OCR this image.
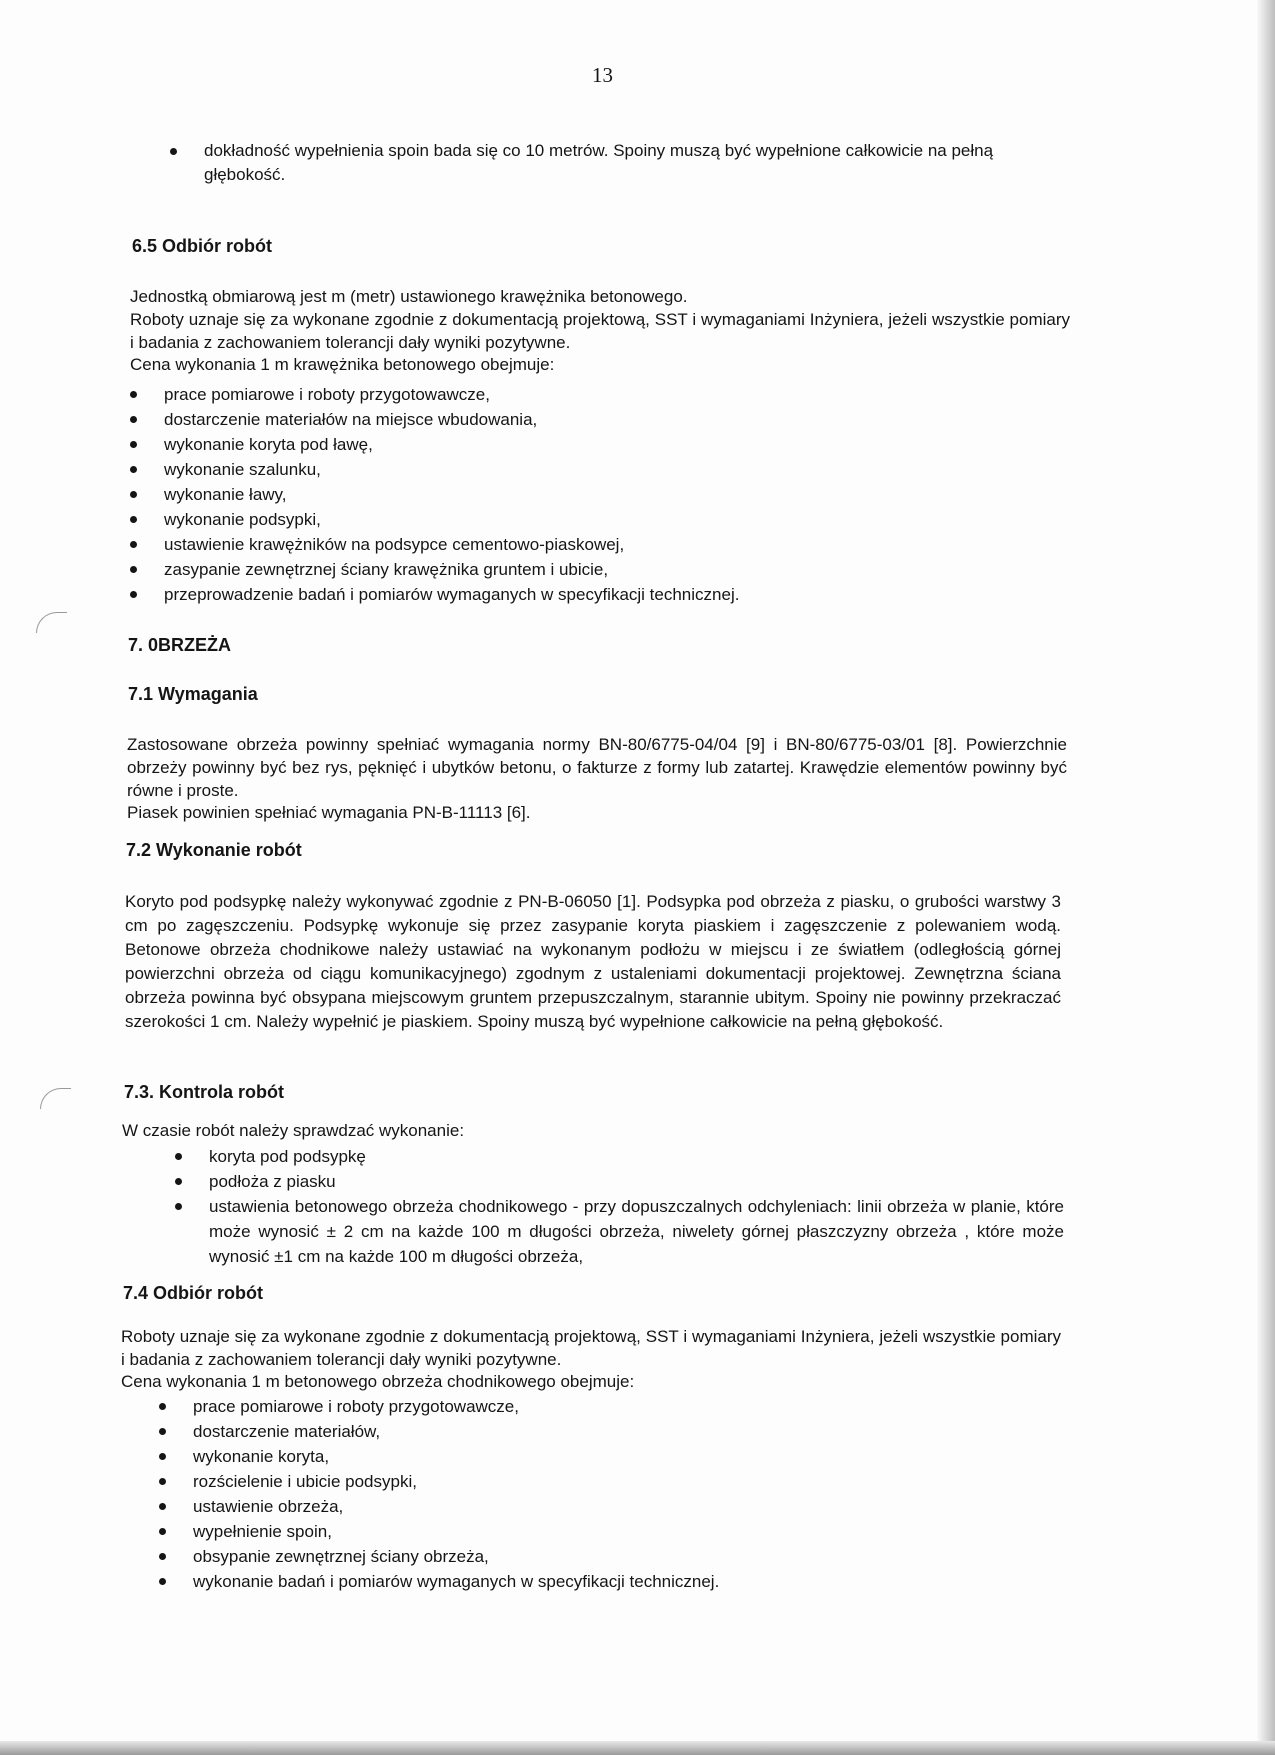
13
dokładność wypełnienia spoin bada się co 10 metrów. Spoiny muszą być wypełnione całkowicie na pełną głębokość.
6.5 Odbiór robót

Jednostką obmiarową jest m (metr) ustawionego krawężnika betonowego.

Roboty uznaje się za wykonane zgodnie z dokumentacją projektową, SST i wymaganiami Inżyniera, jeżeli wszystkie pomiary i badania z zachowaniem tolerancji dały wyniki pozytywne.

Cena wykonania 1 m krawężnika betonowego obejmuje:

prace pomiarowe i roboty przygotowawcze,
dostarczenie materiałów na miejsce wbudowania,
wykonanie koryta pod ławę,
wykonanie szalunku,
wykonanie ławy,
wykonanie podsypki,
ustawienie krawężników na podsypce cementowo-piaskowej,
zasypanie zewnętrznej ściany krawężnika gruntem i ubicie,
przeprowadzenie badań i pomiarów wymaganych w specyfikacji technicznej.
7. 0BRZEŻA
7.1 Wymagania

Zastosowane obrzeża powinny spełniać wymagania normy BN-80/6775-04/04 [9] i BN-80/6775-03/01 [8]. Powierzchnie obrzeży powinny być bez rys, pęknięć i ubytków betonu, o fakturze z formy lub zatartej. Krawędzie elementów powinny być równe i proste.

Piasek powinien spełniać wymagania PN-B-11113 [6].

7.2 Wykonanie robót

Koryto pod podsypkę należy wykonywać zgodnie z PN-B-06050 [1]. Podsypka pod obrzeża z piasku, o grubości warstwy 3 cm po zagęszczeniu. Podsypkę wykonuje się przez zasypanie koryta piaskiem i zagęszczenie z polewaniem wodą. Betonowe obrzeża chodnikowe należy ustawiać na wykonanym podłożu w miejscu i ze światłem (odległością górnej powierzchni obrzeża od ciągu komunikacyjnego) zgodnym z ustaleniami dokumentacji projektowej. Zewnętrzna ściana obrzeża powinna być obsypana miejscowym gruntem przepuszczalnym, starannie ubitym. Spoiny nie powinny przekraczać szerokości 1 cm. Należy wypełnić je piaskiem. Spoiny muszą być wypełnione całkowicie na pełną głębokość.

7.3. Kontrola robót

W czasie robót należy sprawdzać wykonanie:

koryta pod podsypkę
podłoża z piasku
ustawienia betonowego obrzeża chodnikowego - przy dopuszczalnych odchyleniach: linii obrzeża w planie, które może wynosić ± 2 cm na każde 100 m długości obrzeża, niwelety górnej płaszczyzny obrzeża , które może wynosić ±1 cm na każde 100 m długości obrzeża,
7.4 Odbiór robót

Roboty uznaje się za wykonane zgodnie z dokumentacją projektową, SST i wymaganiami Inżyniera, jeżeli wszystkie pomiary i badania z zachowaniem tolerancji dały wyniki pozytywne.

Cena wykonania 1 m betonowego obrzeża chodnikowego obejmuje:

prace pomiarowe i roboty przygotowawcze,
dostarczenie materiałów,
wykonanie koryta,
rozścielenie i ubicie podsypki,
ustawienie obrzeża,
wypełnienie spoin,
obsypanie zewnętrznej ściany obrzeża,
wykonanie badań i pomiarów wymaganych w specyfikacji technicznej.
